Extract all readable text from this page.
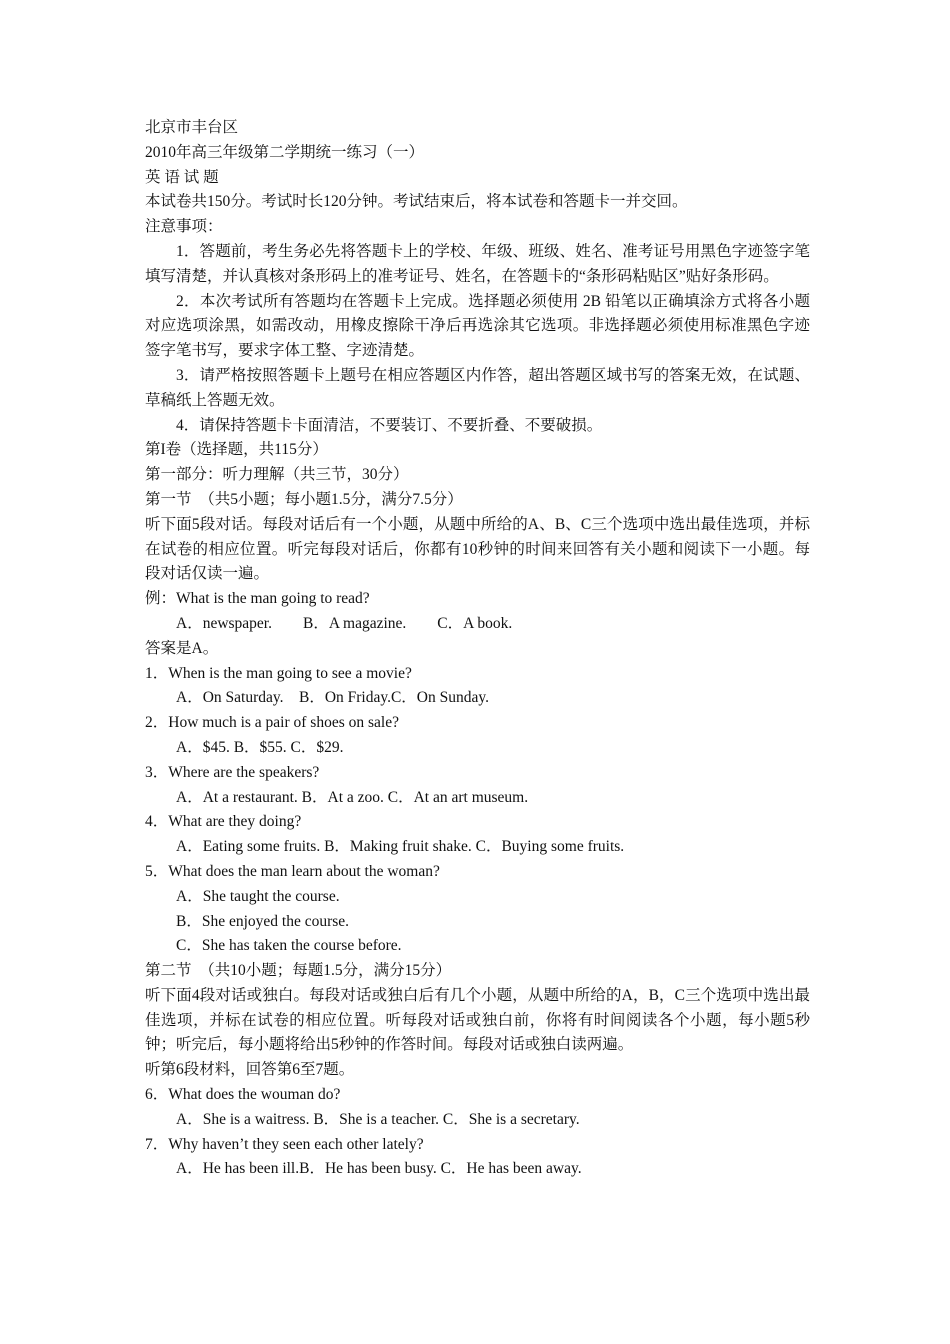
北京市丰台区
2010年高三年级第二学期统一练习（一）
英 语 试 题
本试卷共150分。考试时长120分钟。考试结束后，将本试卷和答题卡一并交回。
注意事项：
1．答题前，考生务必先将答题卡上的学校、年级、班级、姓名、准考证号用黑色字迹签字笔填写清楚，并认真核对条形码上的准考证号、姓名，在答题卡的“条形码粘贴区”贴好条形码。
2．本次考试所有答题均在答题卡上完成。选择题必须使用 2B 铅笔以正确填涂方式将各小题对应选项涂黑，如需改动，用橡皮擦除干净后再选涂其它选项。非选择题必须使用标准黑色字迹签字笔书写，要求字体工整、字迹清楚。
3．请严格按照答题卡上题号在相应答题区内作答，超出答题区域书写的答案无效，在试题、草稿纸上答题无效。
4．请保持答题卡卡面清洁，不要装订、不要折叠、不要破损。
第I卷（选择题，共115分）
第一部分：听力理解（共三节，30分）
第一节　（共5小题；每小题1.5分，满分7.5分）
听下面5段对话。每段对话后有一个小题，从题中所给的A、B、C三个选项中选出最佳选项，并标在试卷的相应位置。听完每段对话后，你都有10秒钟的时间来回答有关小题和阅读下一小题。每段对话仅读一遍。
例：What is the man going to read?
A．newspaper.　　B．A magazine.　　C．A book.
答案是A。
1．When is the man going to see a movie?
A．On Saturday.　B．On Friday.C．On Sunday.
2．How much is a pair of shoes on sale?
A．$45. B．$55. C．$29.
3．Where are the speakers?
A．At a restaurant. B．At a zoo. C．At an art museum.
4．What are they doing?
A．Eating some fruits. B．Making fruit shake. C．Buying some fruits.
5．What does the man learn about the woman?
A．She taught the course.
B．She enjoyed the course.
C．She has taken the course before.
第二节　（共10小题；每题1.5分，满分15分）
听下面4段对话或独白。每段对话或独白后有几个小题，从题中所给的A，B，C三个选项中选出最佳选项，并标在试卷的相应位置。听每段对话或独白前，你将有时间阅读各个小题，每小题5秒钟；听完后，每小题将给出5秒钟的作答时间。每段对话或独白读两遍。
听第6段材料，回答第6至7题。
6．What does the wouman do?
A．She is a waitress. B．She is a teacher. C．She is a secretary.
7．Why haven’t they seen each other lately?
A．He has been ill.B．He has been busy. C．He has been away.
